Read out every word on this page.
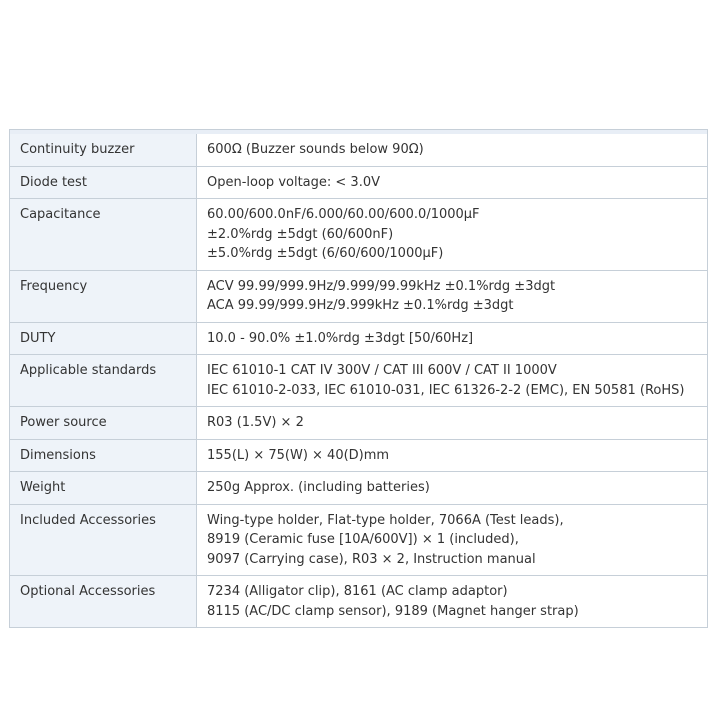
Continuity buzzer	600Ω (Buzzer sounds below 90Ω)

Diode test	Open-loop voltage: < 3.0V

Capacitance	60.00/600.0nF/6.000/60.00/600.0/1000μF
±2.0%rdg ±5dgt (60/600nF)
±5.0%rdg ±5dgt (6/60/600/1000μF)

Frequency	ACV 99.99/999.9Hz/9.999/99.99kHz ±0.1%rdg ±3dgt
ACA 99.99/999.9Hz/9.999kHz ±0.1%rdg ±3dgt

DUTY	10.0 - 90.0% ±1.0%rdg ±3dgt [50/60Hz]

Applicable standards	IEC 61010-1 CAT IV 300V / CAT III 600V / CAT II 1000V
IEC 61010-2-033, IEC 61010-031, IEC 61326-2-2 (EMC), EN 50581 (RoHS)

Power source	R03 (1.5V) × 2

Dimensions	155(L) × 75(W) × 40(D)mm

Weight	250g Approx. (including batteries)

Included Accessories	Wing-type holder, Flat-type holder, 7066A (Test leads),
8919 (Ceramic fuse [10A/600V]) × 1 (included),
9097 (Carrying case), R03 × 2, Instruction manual

Optional Accessories	7234 (Alligator clip), 8161 (AC clamp adaptor)
8115 (AC/DC clamp sensor), 9189 (Magnet hanger strap)
